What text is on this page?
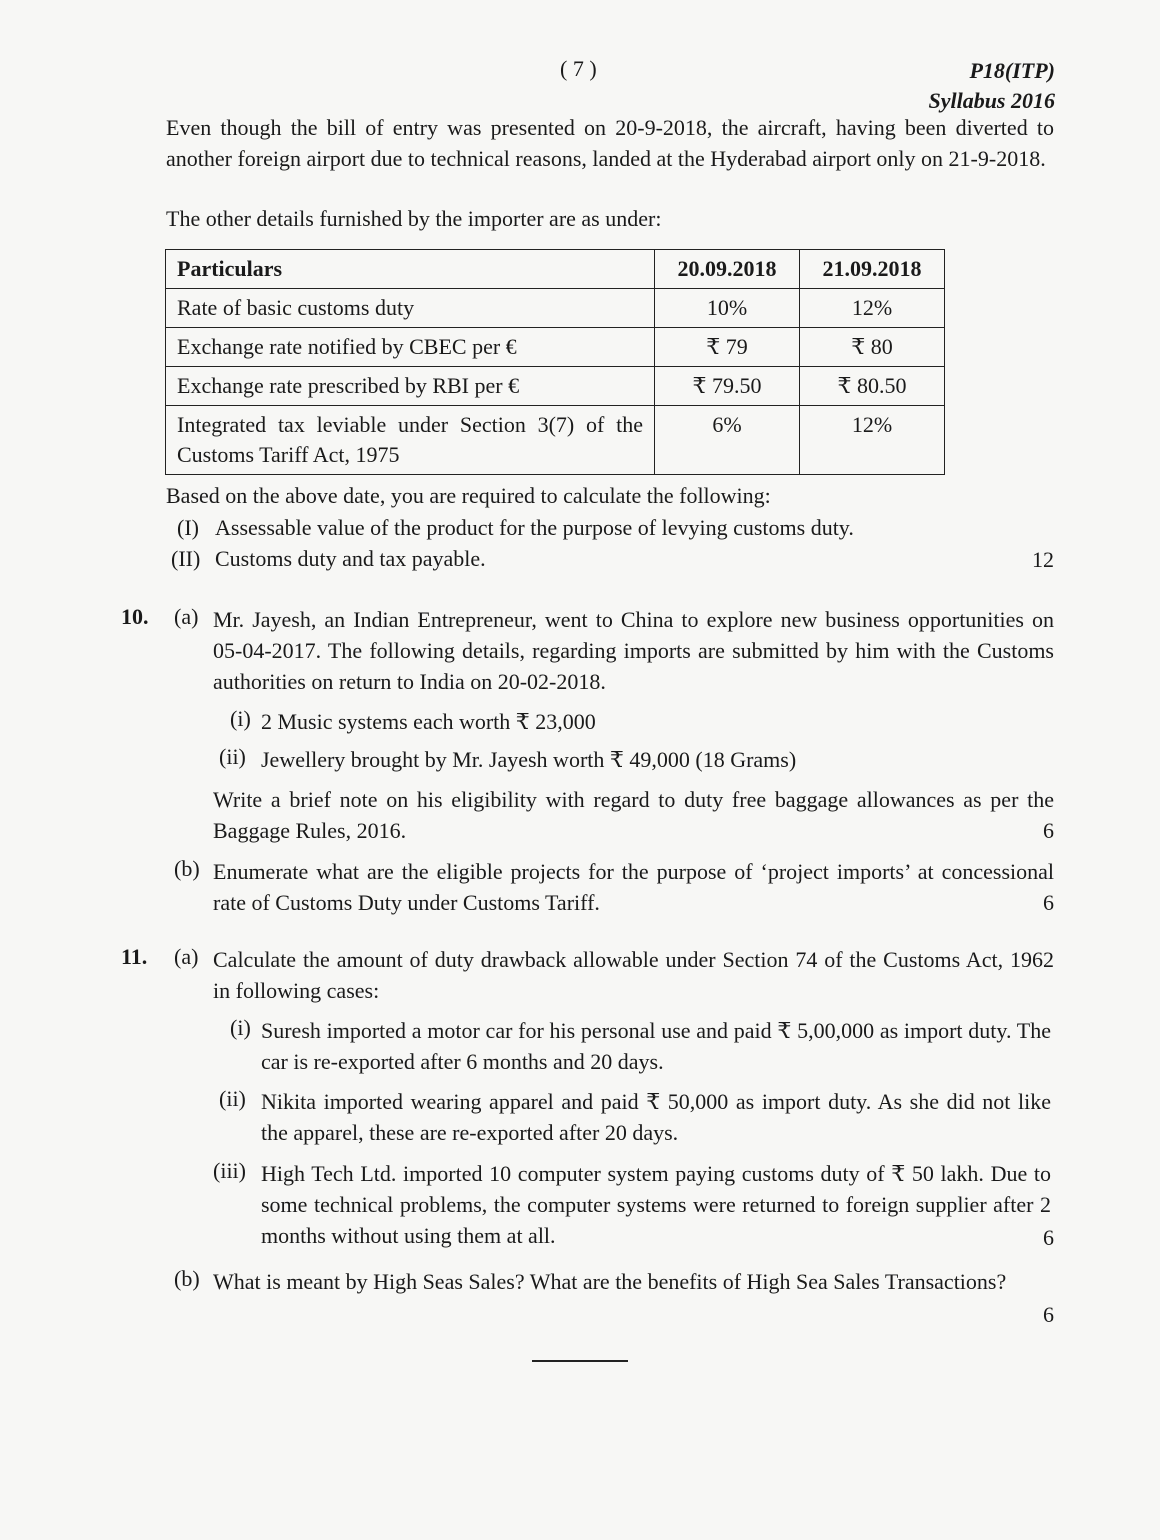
( 7 )	P18(ITP)
Syllabus 2016
Even though the bill of entry was presented on 20-9-2018, the aircraft, having been diverted to another foreign airport due to technical reasons, landed at the Hyderabad airport only on 21-9-2018.
The other details furnished by the importer are as under:
Particulars	20.09.2018	21.09.2018
Rate of basic customs duty	10%	12%
Exchange rate notified by CBEC per €	₹ 79	₹ 80
Exchange rate prescribed by RBI per €	₹ 79.50	₹ 80.50
Integrated tax leviable under Section 3(7) of the Customs Tariff Act, 1975	6%	12%
Based on the above date, you are required to calculate the following:
(I) Assessable value of the product for the purpose of levying customs duty.
(II) Customs duty and tax payable.	12
10. (a) Mr. Jayesh, an Indian Entrepreneur, went to China to explore new business opportunities on 05-04-2017. The following details, regarding imports are submitted by him with the Customs authorities on return to India on 20-02-2018.
(i) 2 Music systems each worth ₹ 23,000
(ii) Jewellery brought by Mr. Jayesh worth ₹ 49,000 (18 Grams)
Write a brief note on his eligibility with regard to duty free baggage allowances as per the Baggage Rules, 2016.	6
(b) Enumerate what are the eligible projects for the purpose of ‘project imports’ at concessional rate of Customs Duty under Customs Tariff.	6
11. (a) Calculate the amount of duty drawback allowable under Section 74 of the Customs Act, 1962 in following cases:
(i) Suresh imported a motor car for his personal use and paid ₹ 5,00,000 as import duty. The car is re-exported after 6 months and 20 days.
(ii) Nikita imported wearing apparel and paid ₹ 50,000 as import duty. As she did not like the apparel, these are re-exported after 20 days.
(iii) High Tech Ltd. imported 10 computer system paying customs duty of ₹ 50 lakh. Due to some technical problems, the computer systems were returned to foreign supplier after 2 months without using them at all.	6
(b) What is meant by High Seas Sales? What are the benefits of High Sea Sales Transactions?
6
